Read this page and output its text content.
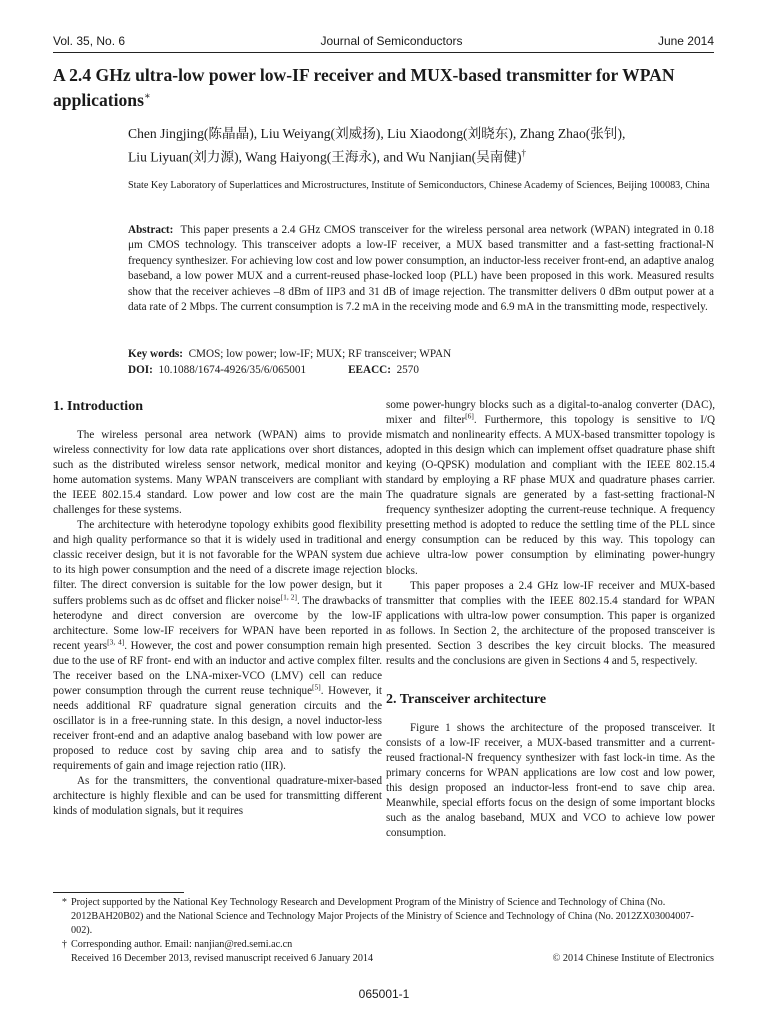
Vol. 35, No. 6	Journal of Semiconductors	June 2014
A 2.4 GHz ultra-low power low-IF receiver and MUX-based transmitter for WPAN applications∗
Chen Jingjing(陈晶晶), Liu Weiyang(刘威扬), Liu Xiaodong(刘晓东), Zhang Zhao(张钊),
Liu Liyuan(刘力源), Wang Haiyong(王海永), and Wu Nanjian(吴南健)†
State Key Laboratory of Superlattices and Microstructures, Institute of Semiconductors, Chinese Academy of Sciences, Beijing 100083, China
Abstract: This paper presents a 2.4 GHz CMOS transceiver for the wireless personal area network (WPAN) integrated in 0.18 μm CMOS technology. This transceiver adopts a low-IF receiver, a MUX based transmitter and a fast-setting fractional-N frequency synthesizer. For achieving low cost and low power consumption, an inductor-less receiver front-end, an adaptive analog baseband, a low power MUX and a current-reused phase-locked loop (PLL) have been proposed in this work. Measured results show that the receiver achieves –8 dBm of IIP3 and 31 dB of image rejection. The transmitter delivers 0 dBm output power at a data rate of 2 Mbps. The current consumption is 7.2 mA in the receiving mode and 6.9 mA in the transmitting mode, respectively.
Key words: CMOS; low power; low-IF; MUX; RF transceiver; WPAN
DOI: 10.1088/1674-4926/35/6/065001	EEACC: 2570

1. Introduction

The wireless personal area network (WPAN) aims to provide wireless connectivity for low data rate applications over short distances, such as the distributed wireless sensor network, medical monitor and home automation systems. Many WPAN transceivers are compliant with the IEEE 802.15.4 standard. Low power and low cost are the main challenges for these systems.

The architecture with heterodyne topology exhibits good flexibility and high quality performance so that it is widely used in traditional and classic receiver design, but it is not favorable for the WPAN system due to its high power consumption and the need of a discrete image rejection filter. The direct conversion is suitable for the low power design, but it suffers problems such as dc offset and flicker noise[1, 2]. The drawbacks of heterodyne and direct conversion are overcome by the low-IF architecture. Some low-IF receivers for WPAN have been reported in recent years[3, 4]. However, the cost and power consumption remain high due to the use of RF front- end with an inductor and active complex filter. The receiver based on the LNA-mixer-VCO (LMV) cell can reduce power consumption through the current reuse technique[5]. However, it needs additional RF quadrature signal generation circuits and the oscillator is in a free-running state. In this design, a novel inductor-less receiver front-end and an adaptive analog baseband with low power are proposed to reduce cost by saving chip area and to satisfy the requirements of gain and image rejection ratio (IIR).

As for the transmitters, the conventional quadrature-mixer-based architecture is highly flexible and can be used for transmitting different kinds of modulation signals, but it requires

some power-hungry blocks such as a digital-to-analog converter (DAC), mixer and filter[6]. Furthermore, this topology is sensitive to I/Q mismatch and nonlinearity effects. A MUX-based transmitter topology is adopted in this design which can implement offset quadrature phase shift keying (O-QPSK) modulation and compliant with the IEEE 802.15.4 standard by employing a RF phase MUX and quadrature phases carrier. The quadrature signals are generated by a fast-setting fractional-N frequency synthesizer adopting the current-reuse technique. A frequency presetting method is adopted to reduce the settling time of the PLL since energy consumption can be reduced by this way. This topology can achieve ultra-low power consumption by eliminating power-hungry blocks.

This paper proposes a 2.4 GHz low-IF receiver and MUX-based transmitter that complies with the IEEE 802.15.4 standard for WPAN applications with ultra-low power consumption. This paper is organized as follows. In Section 2, the architecture of the proposed transceiver is presented. Section 3 describes the key circuit blocks. The measured results and the conclusions are given in Sections 4 and 5, respectively.

2. Transceiver architecture

Figure 1 shows the architecture of the proposed transceiver. It consists of a low-IF receiver, a MUX-based transmitter and a current-reused fractional-N frequency synthesizer with fast lock-in time. As the primary concerns for WPAN applications are low cost and low power, this design proposed an inductor-less front-end to save chip area. Meanwhile, special efforts focus on the design of some important blocks such as the analog baseband, MUX and VCO to achieve low power consumption.

* Project supported by the National Key Technology Research and Development Program of the Ministry of Science and Technology of China (No. 2012BAH20B02) and the National Science and Technology Major Projects of the Ministry of Science and Technology of China (No. 2012ZX03004007-002).
† Corresponding author. Email: nanjian@red.semi.ac.cn
Received 16 December 2013, revised manuscript received 6 January 2014	© 2014 Chinese Institute of Electronics
065001-1
